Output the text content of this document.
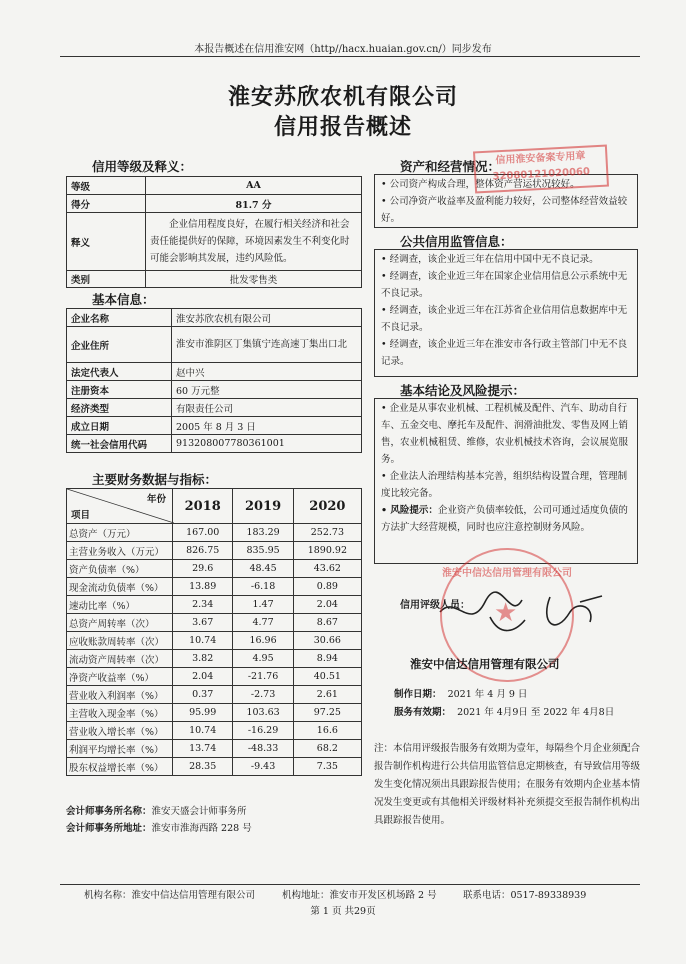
本报告概述在信用淮安网（http//hacx.huaian.gov.cn/）同步发布
淮安苏欣农机有限公司
信用报告概述
信用等级及释义：
等级	AA
得分	81.7 分
释义	企业信用程度良好，在履行相关经济和社会责任能提供好的保障，环境因素发生不利变化时可能会影响其发展，违约风险低。
类别	批发零售类
基本信息：
企业名称	淮安苏欣农机有限公司
企业住所	淮安市淮阴区丁集镇宁连高速丁集出口北
法定代表人	赵中兴
注册资本	60 万元整
经济类型	有限责任公司
成立日期	2005 年 8 月 3 日
统一社会信用代码	913208007780361001
主要财务数据与指标：
年份
项目	2018	2019	2020
总资产（万元）	167.00	183.29	252.73
主营业务收入（万元）	826.75	835.95	1890.92
资产负债率（%）	29.6	48.45	43.62
现金流动负债率（%）	13.89	-6.18	0.89
速动比率（%）	2.34	1.47	2.04
总资产周转率（次）	3.67	4.77	8.67
应收账款周转率（次）	10.74	16.96	30.66
流动资产周转率（次）	3.82	4.95	8.94
净资产收益率（%）	2.04	-21.76	40.51
营业收入利润率（%）	0.37	-2.73	2.61
主营收入现金率（%）	95.99	103.63	97.25
营业收入增长率（%）	10.74	-16.29	16.6
利润平均增长率（%）	13.74	-48.33	68.2
股东权益增长率（%）	28.35	-9.43	7.35
会计师事务所名称：淮安天盛会计师事务所
会计师事务所地址：淮安市淮海西路 228 号
资产和经营情况：

• 公司资产构成合理，整体资产营运状况较好。

• 公司净资产收益率及盈利能力较好，公司整体经营效益较好。

公共信用监管信息：

• 经调查，该企业近三年在信用中国中无不良记录。

• 经调查，该企业近三年在国家企业信用信息公示系统中无不良记录。

• 经调查，该企业近三年在江苏省企业信用信息数据库中无不良记录。

• 经调查，该企业近三年在淮安市各行政主管部门中无不良记录。

基本结论及风险提示：

• 企业是从事农业机械、工程机械及配件、汽车、助动自行车、五金交电、摩托车及配件、润滑油批发、零售及网上销售，农业机械租赁、维修，农业机械技术咨询，会议展览服务。

• 企业法人治理结构基本完善，组织结构设置合理，管理制度比较完备。

• 风险提示：企业资产负债率较低，公司可通过适度负债的方法扩大经营规模，同时也应注意控制财务风险。

信用评级人员：
淮安中信达信用管理有限公司
★
淮安中信达信用管理有限公司
制作日期： 2021 年 4 月 9 日
服务有效期： 2021 年 4月9日 至 2022 年 4月8日
注：本信用评级报告服务有效期为壹年，每隔叁个月企业须配合报告制作机构进行公共信用监管信息定期核查，有导致信用等级发生变化情况须出具跟踪报告使用；在服务有效期内企业基本情况发生变更或有其他相关评级材料补充须提交至报告制作机构出具跟踪报告使用。
信用淮安备案专用章
32080121020060
机构名称：淮安中信达信用管理有限公司	机构地址：淮安市开发区机场路 2 号	联系电话：0517-89338939
第 1 页 共29页
